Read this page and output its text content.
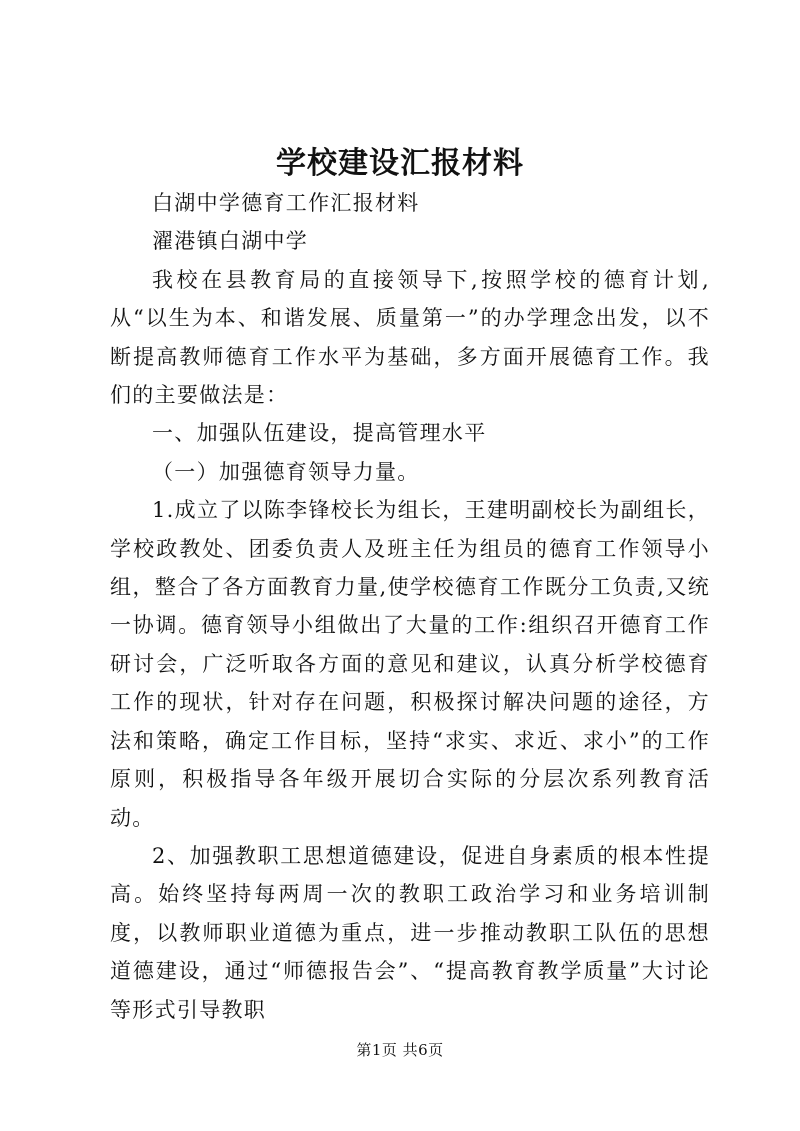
学校建设汇报材料

白湖中学德育工作汇报材料

濯港镇白湖中学

我校在县教育局的直接领导下,按照学校的德育计划,从“以生为本、和谐发展、质量第一”的办学理念出发，以不断提高教师德育工作水平为基础，多方面开展德育工作。我们的主要做法是：

一、加强队伍建设，提高管理水平

（一）加强德育领导力量。

1.成立了以陈李锋校长为组长，王建明副校长为副组长，学校政教处、团委负责人及班主任为组员的德育工作领导小组，整合了各方面教育力量,使学校德育工作既分工负责,又统一协调。德育领导小组做出了大量的工作:组织召开德育工作研讨会，广泛听取各方面的意见和建议，认真分析学校德育工作的现状，针对存在问题，积极探讨解决问题的途径，方法和策略，确定工作目标，坚持“求实、求近、求小”的工作原则，积极指导各年级开展切合实际的分层次系列教育活动。

2、加强教职工思想道德建设，促进自身素质的根本性提高。始终坚持每两周一次的教职工政治学习和业务培训制度，以教师职业道德为重点，进一步推动教职工队伍的思想道德建设，通过“师德报告会”、“提高教育教学质量”大讨论等形式引导教职

第1页 共6页
